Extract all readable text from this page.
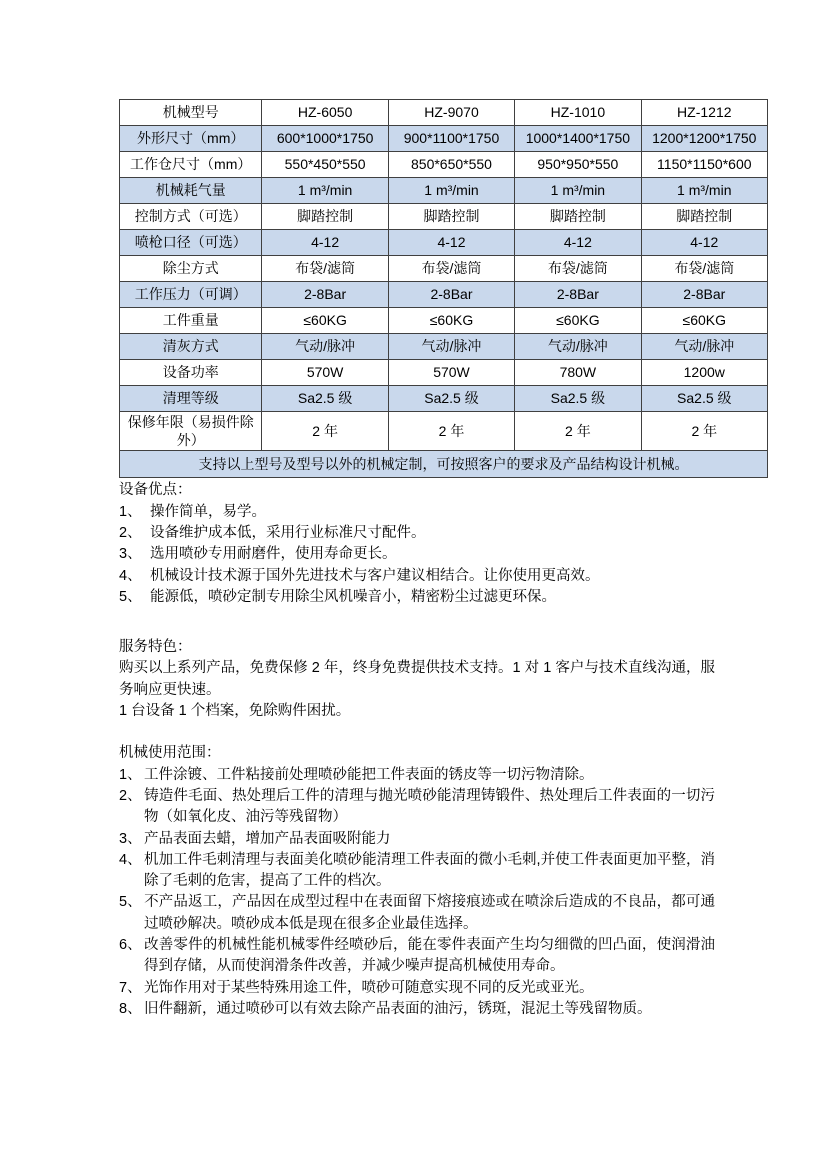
机械型号	HZ-6050	HZ-9070	HZ-1010	HZ-1212
外形尺寸（mm）	600*1000*1750	900*1100*1750	1000*1400*1750	1200*1200*1750
工作仓尺寸（mm）	550*450*550	850*650*550	950*950*550	1150*1150*600
机械耗气量	1 m³/min	1 m³/min	1 m³/min	1 m³/min
控制方式（可选）	脚踏控制	脚踏控制	脚踏控制	脚踏控制
喷枪口径（可选）	4-12	4-12	4-12	4-12
除尘方式	布袋/滤筒	布袋/滤筒	布袋/滤筒	布袋/滤筒
工作压力（可调）	2-8Bar	2-8Bar	2-8Bar	2-8Bar
工件重量	≤60KG	≤60KG	≤60KG	≤60KG
清灰方式	气动/脉冲	气动/脉冲	气动/脉冲	气动/脉冲
设备功率	570W	570W	780W	1200w
清理等级	Sa2.5 级	Sa2.5 级	Sa2.5 级	Sa2.5 级
保修年限（易损件除外）	2 年	2 年	2 年	2 年
支持以上型号及型号以外的机械定制，可按照客户的要求及产品结构设计机械。				
设备优点：
1、 操作简单，易学。
2、 设备维护成本低，采用行业标准尺寸配件。
3、 选用喷砂专用耐磨件，使用寿命更长。
4、 机械设计技术源于国外先进技术与客户建议相结合。让你使用更高效。
5、 能源低，喷砂定制专用除尘风机噪音小，精密粉尘过滤更环保。
服务特色：
购买以上系列产品，免费保修 2 年，终身免费提供技术支持。1 对 1 客户与技术直线沟通，服务响应更快速。
1 台设备 1 个档案，免除购件困扰。
机械使用范围：
1、 工件涂镀、工件粘接前处理喷砂能把工件表面的锈皮等一切污物清除。
2、 铸造件毛面、热处理后工件的清理与抛光喷砂能清理铸锻件、热处理后工件表面的一切污物（如氧化皮、油污等残留物）
3、 产品表面去蜡，增加产品表面吸附能力
4、 机加工件毛刺清理与表面美化喷砂能清理工件表面的微小毛刺,并使工件表面更加平整，消除了毛刺的危害，提高了工件的档次。
5、 不产品返工，产品因在成型过程中在表面留下熔接痕迹或在喷涂后造成的不良品，都可通过喷砂解决。喷砂成本低是现在很多企业最佳选择。
6、 改善零件的机械性能机械零件经喷砂后，能在零件表面产生均匀细微的凹凸面，使润滑油得到存储，从而使润滑条件改善，并减少噪声提高机械使用寿命。
7、 光饰作用对于某些特殊用途工件，喷砂可随意实现不同的反光或亚光。
8、 旧件翻新，通过喷砂可以有效去除产品表面的油污，锈斑，混泥土等残留物质。
